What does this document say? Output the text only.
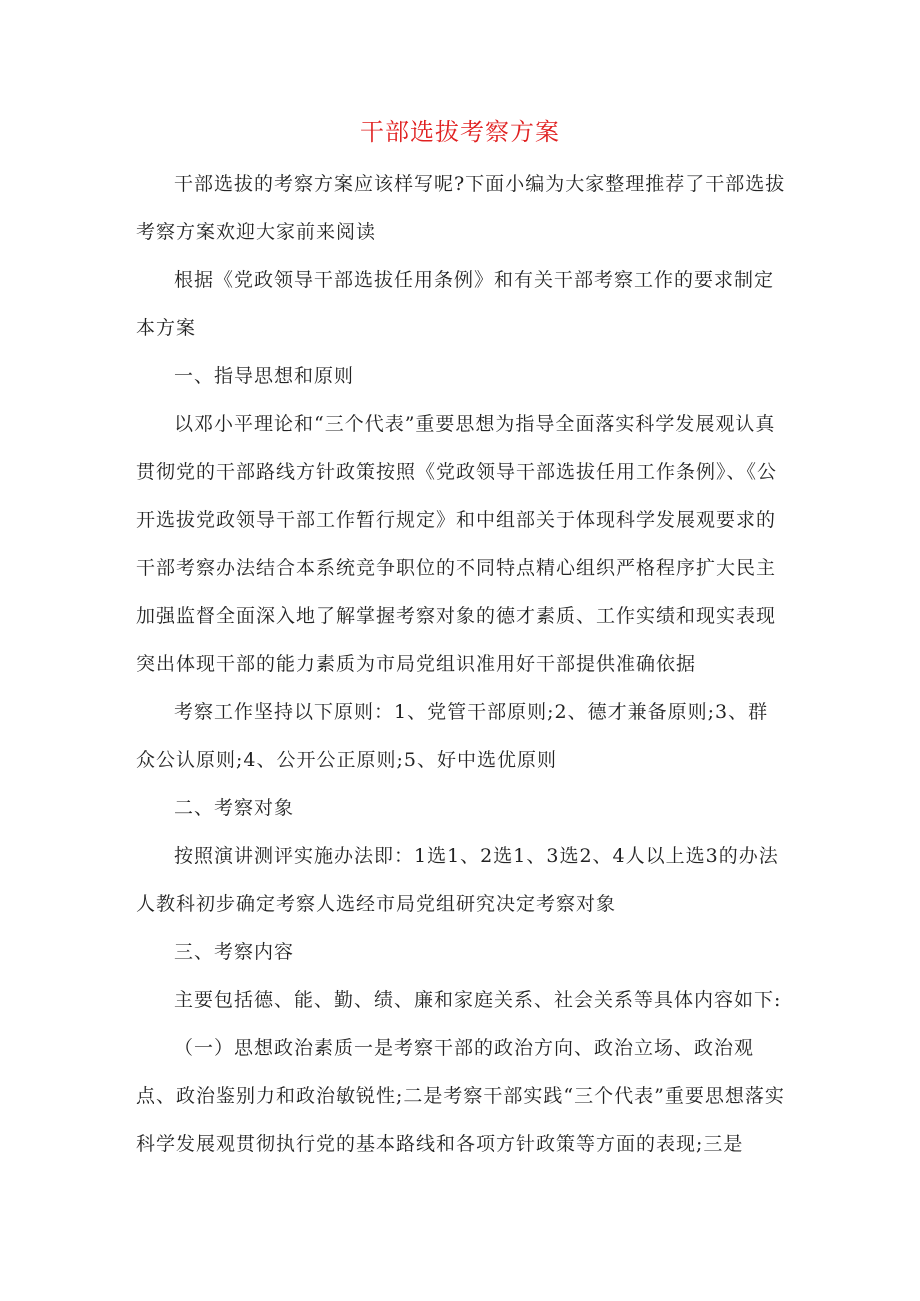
干部选拔考察方案

干部选拔的考察方案应该样写呢?下面小编为大家整理推荐了干部选拔考察方案欢迎大家前来阅读

根据《党政领导干部选拔任用条例》和有关干部考察工作的要求制定本方案

一、指导思想和原则

以邓小平理论和“三个代表”重要思想为指导全面落实科学发展观认真贯彻党的干部路线方针政策按照《党政领导干部选拔任用工作条例》、《公开选拔党政领导干部工作暂行规定》和中组部关于体现科学发展观要求的干部考察办法结合本系统竞争职位的不同特点精心组织严格程序扩大民主加强监督全面深入地了解掌握考察对象的德才素质、工作实绩和现实表现突出体现干部的能力素质为市局党组识准用好干部提供准确依据

考察工作坚持以下原则：1、党管干部原则;2、德才兼备原则;3、群众公认原则;4、公开公正原则;5、好中选优原则

二、考察对象

按照演讲测评实施办法即：1选1、2选1、3选2、4人以上选3的办法人教科初步确定考察人选经市局党组研究决定考察对象

三、考察内容

主要包括德、能、勤、绩、廉和家庭关系、社会关系等具体内容如下:

（一）思想政治素质一是考察干部的政治方向、政治立场、政治观点、政治鉴别力和政治敏锐性;二是考察干部实践“三个代表”重要思想落实科学发展观贯彻执行党的基本路线和各项方针政策等方面的表现;三是
